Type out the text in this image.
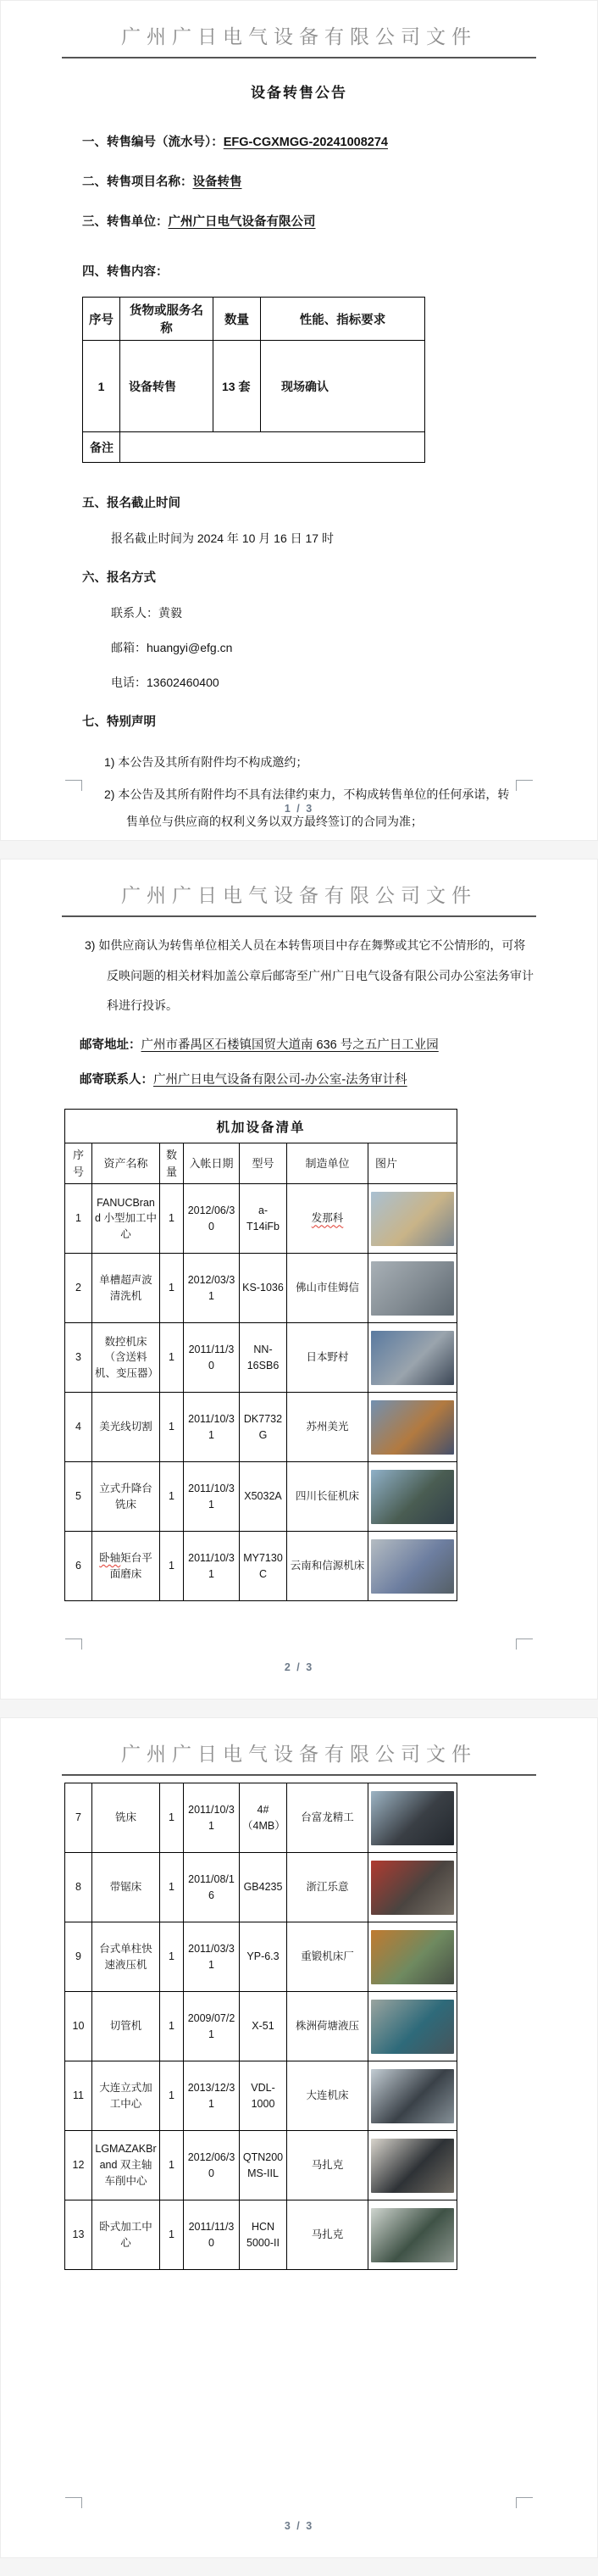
广州广日电气设备有限公司文件
设备转售公告
一、转售编号（流水号）：EFG-CGXMGG-20241008274
二、转售项目名称：设备转售
三、转售单位：广州广日电气设备有限公司
四、转售内容：
序号	货物或服务名称	数量	性能、指标要求
1	设备转售	13 套	现场确认
备注			
五、报名截止时间
报名截止时间为 2024 年 10 月 16 日 17 时
六、报名方式
联系人：黄毅
邮箱：huangyi@efg.cn
电话：13602460400
七、特别声明
1) 本公告及其所有附件均不构成邀约；
2) 本公告及其所有附件均不具有法律约束力，不构成转售单位的任何承诺，转售单位与供应商的权利义务以双方最终签订的合同为准；
1 / 3
广州广日电气设备有限公司文件
3) 如供应商认为转售单位相关人员在本转售项目中存在舞弊或其它不公情形的，可将反映问题的相关材料加盖公章后邮寄至广州广日电气设备有限公司办公室法务审计科进行投诉。
邮寄地址：广州市番禺区石楼镇国贸大道南 636 号之五广日工业园
邮寄联系人：广州广日电气设备有限公司-办公室-法务审计科
机加设备清单						
序号	资产名称	数量	入帐日期	型号	制造单位	图片
1	FANUCBrand 小型加工中心	1	2012/06/30	a-T14iFb	发那科	

2	单槽超声波清洗机	1	2012/03/31	KS-1036	佛山市佳姆信	

3	数控机床（含送料机、变压器）	1	2011/11/30	NN-16SB6	日本野村	

4	美光线切割	1	2011/10/31	DK7732G	苏州美光	

5	立式升降台铣床	1	2011/10/31	X5032A	四川长征机床	

6	卧轴矩台平面磨床	1	2011/10/31	MY7130C	云南和信源机床	
2 / 3
广州广日电气设备有限公司文件
7	铣床	1	2011/10/31	4#（4MB）	台富龙精工	

8	带锯床	1	2011/08/16	GB4235	浙江乐意	

9	台式单柱快速液压机	1	2011/03/31	YP-6.3	重锻机床厂	

10	切管机	1	2009/07/21	X-51	株洲荷塘液压	

11	大连立式加工中心	1	2013/12/31	VDL-1000	大连机床	

12	LGMAZAKBrand 双主轴车削中心	1	2012/06/30	QTN200MS-IIL	马扎克	

13	卧式加工中心	1	2011/11/30	HCN 5000-II	马扎克	
3 / 3
